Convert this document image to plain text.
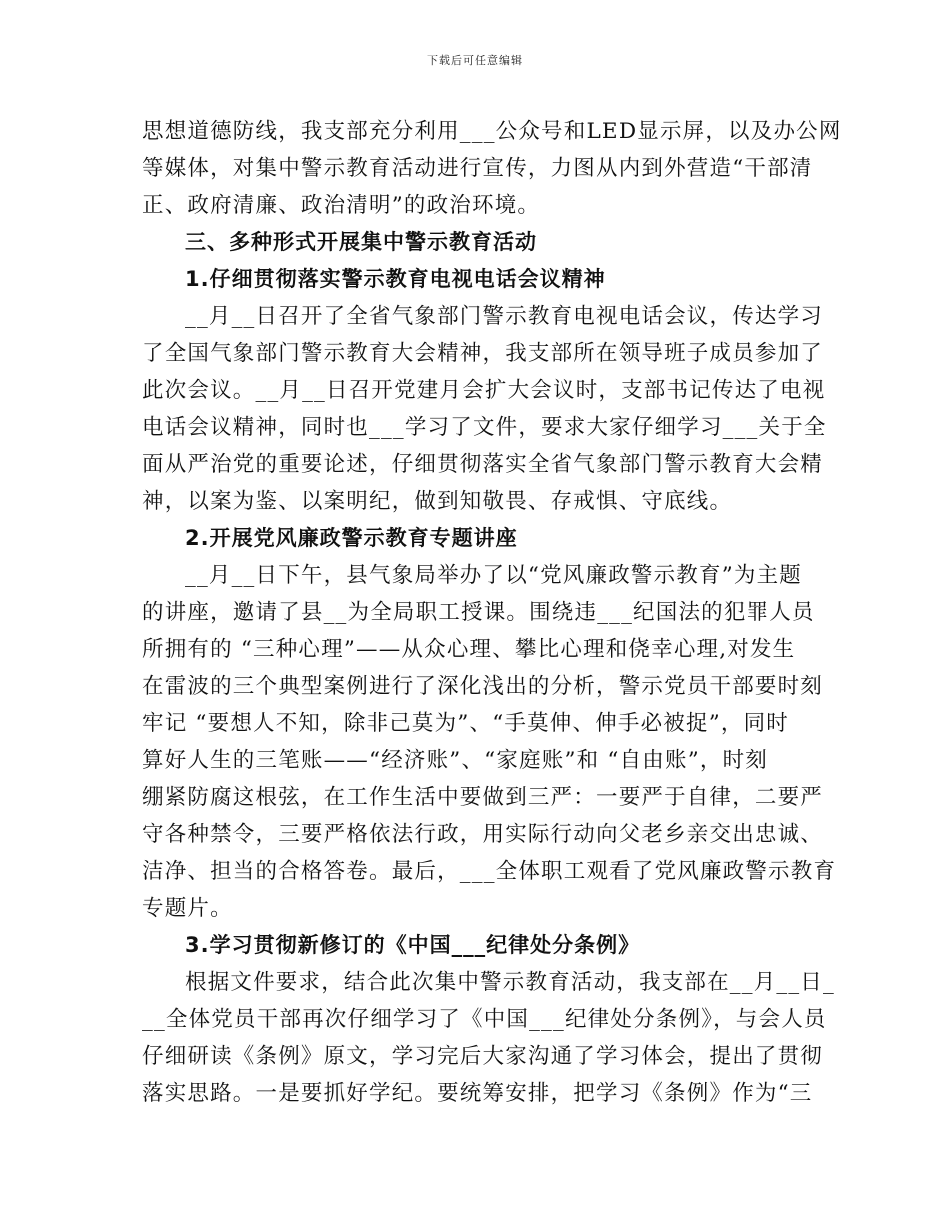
下载后可任意编辑
思想道德防线，我支部充分利用___公众号和LED显示屏，以及办公网
等媒体，对集中警示教育活动进行宣传，力图从内到外营造“干部清
正、政府清廉、政治清明”的政治环境。
三、多种形式开展集中警示教育活动
1.仔细贯彻落实警示教育电视电话会议精神
__月__日召开了全省气象部门警示教育电视电话会议，传达学习
了全国气象部门警示教育大会精神，我支部所在领导班子成员参加了
此次会议。__月__日召开党建月会扩大会议时，支部书记传达了电视
电话会议精神，同时也___学习了文件，要求大家仔细学习___关于全
面从严治党的重要论述，仔细贯彻落实全省气象部门警示教育大会精
神，以案为鉴、以案明纪，做到知敬畏、存戒惧、守底线。
2.开展党风廉政警示教育专题讲座
__月__日下午，县气象局举办了以“党风廉政警示教育”为主题
的讲座，邀请了县__为全局职工授课。围绕违___纪国法的犯罪人员
所拥有的 “三种心理”——从众心理、攀比心理和侥幸心理,对发生
在雷波的三个典型案例进行了深化浅出的分析，警示党员干部要时刻
牢记 “要想人不知，除非己莫为”、“手莫伸、伸手必被捉”，同时
算好人生的三笔账——“经济账”、“家庭账”和 “自由账”，时刻
绷紧防腐这根弦，在工作生活中要做到三严：一要严于自律，二要严
守各种禁令，三要严格依法行政，用实际行动向父老乡亲交出忠诚、
洁净、担当的合格答卷。最后，___全体职工观看了党风廉政警示教育
专题片。
3.学习贯彻新修订的《中国___纪律处分条例》
根据文件要求，结合此次集中警示教育活动，我支部在__月__日_
__全体党员干部再次仔细学习了《中国___纪律处分条例》，与会人员
仔细研读《条例》原文，学习完后大家沟通了学习体会，提出了贯彻
落实思路。一是要抓好学纪。要统筹安排，把学习《条例》作为“三
